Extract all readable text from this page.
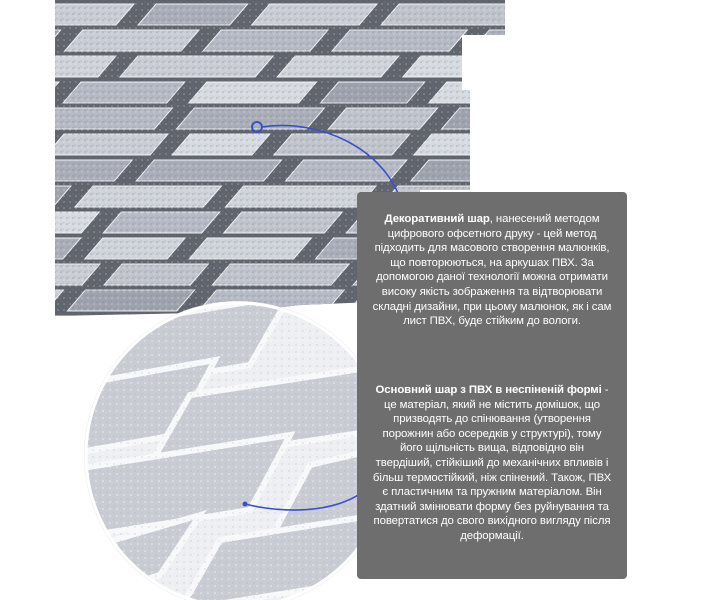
Декоративний шар, нанесений методом цифрового офсетного друку - цей метод підходить для масового створення малюнків, що повторюються, на аркушах ПВХ. За допомогою даної технології можна отримати високу якість зображення та відтворювати складні дизайни, при цьому малюнок, як і сам лист ПВХ, буде стійким до вологи.

Основний шар з ПВХ в неспіненій формі - це матеріал, який не містить домішок, що призводять до спінювання (утворення порожнин або осередків у структурі), тому його щільність вища, відповідно він твердіший, стійкіший до механічних впливів і більш термостійкий, ніж спінений. Також, ПВХ є пластичним та пружним матеріалом. Він здатний змінювати форму без руйнування та повертатися до свого вихідного вигляду після деформації.
